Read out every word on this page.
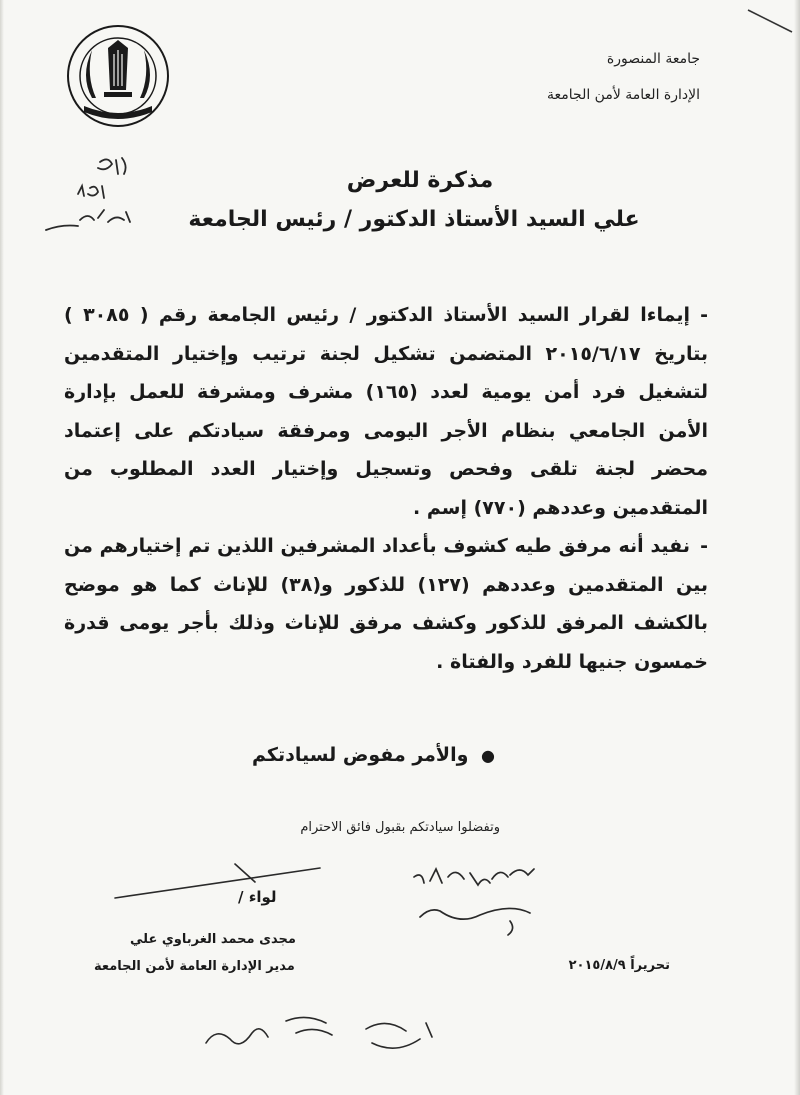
جامعة المنصورة
الإدارة العامة لأمن الجامعة
مذكرة للعرض
علي السيد الأستاذ الدكتور / رئيس الجامعة

-إيماءا لقرار السيد الأستاذ الدكتور / رئيس الجامعة رقم ( ٣٠٨٥ ) بتاريخ ٢٠١٥/٦/١٧ المتضمن تشكيل لجنة ترتيب وإختيار المتقدمين لتشغيل فرد أمن يومية لعدد (١٦٥) مشرف ومشرفة للعمل بإدارة الأمن الجامعي بنظام الأجر اليومى ومرفقة سيادتكم على إعتماد محضر لجنة تلقى وفحص وتسجيل وإختيار العدد المطلوب من المتقدمين وعددهم (٧٧٠) إسم .

-نفيد أنه مرفق طيه كشوف بأعداد المشرفين اللذين تم إختيارهم من بين المتقدمين وعددهم (١٢٧) للذكور و(٣٨) للإناث كما هو موضح بالكشف المرفق للذكور وكشف مرفق للإناث وذلك بأجر يومى قدرة خمسون جنيها للفرد والفتاة .

● والأمر مفوض لسيادتكم
وتفضلوا سيادتكم بقبول فائق الاحترام
لواء /
مجدى محمد الغرباوي علي
مدير الإدارة العامة لأمن الجامعة	تحريراً ٢٠١٥/٨/٩
